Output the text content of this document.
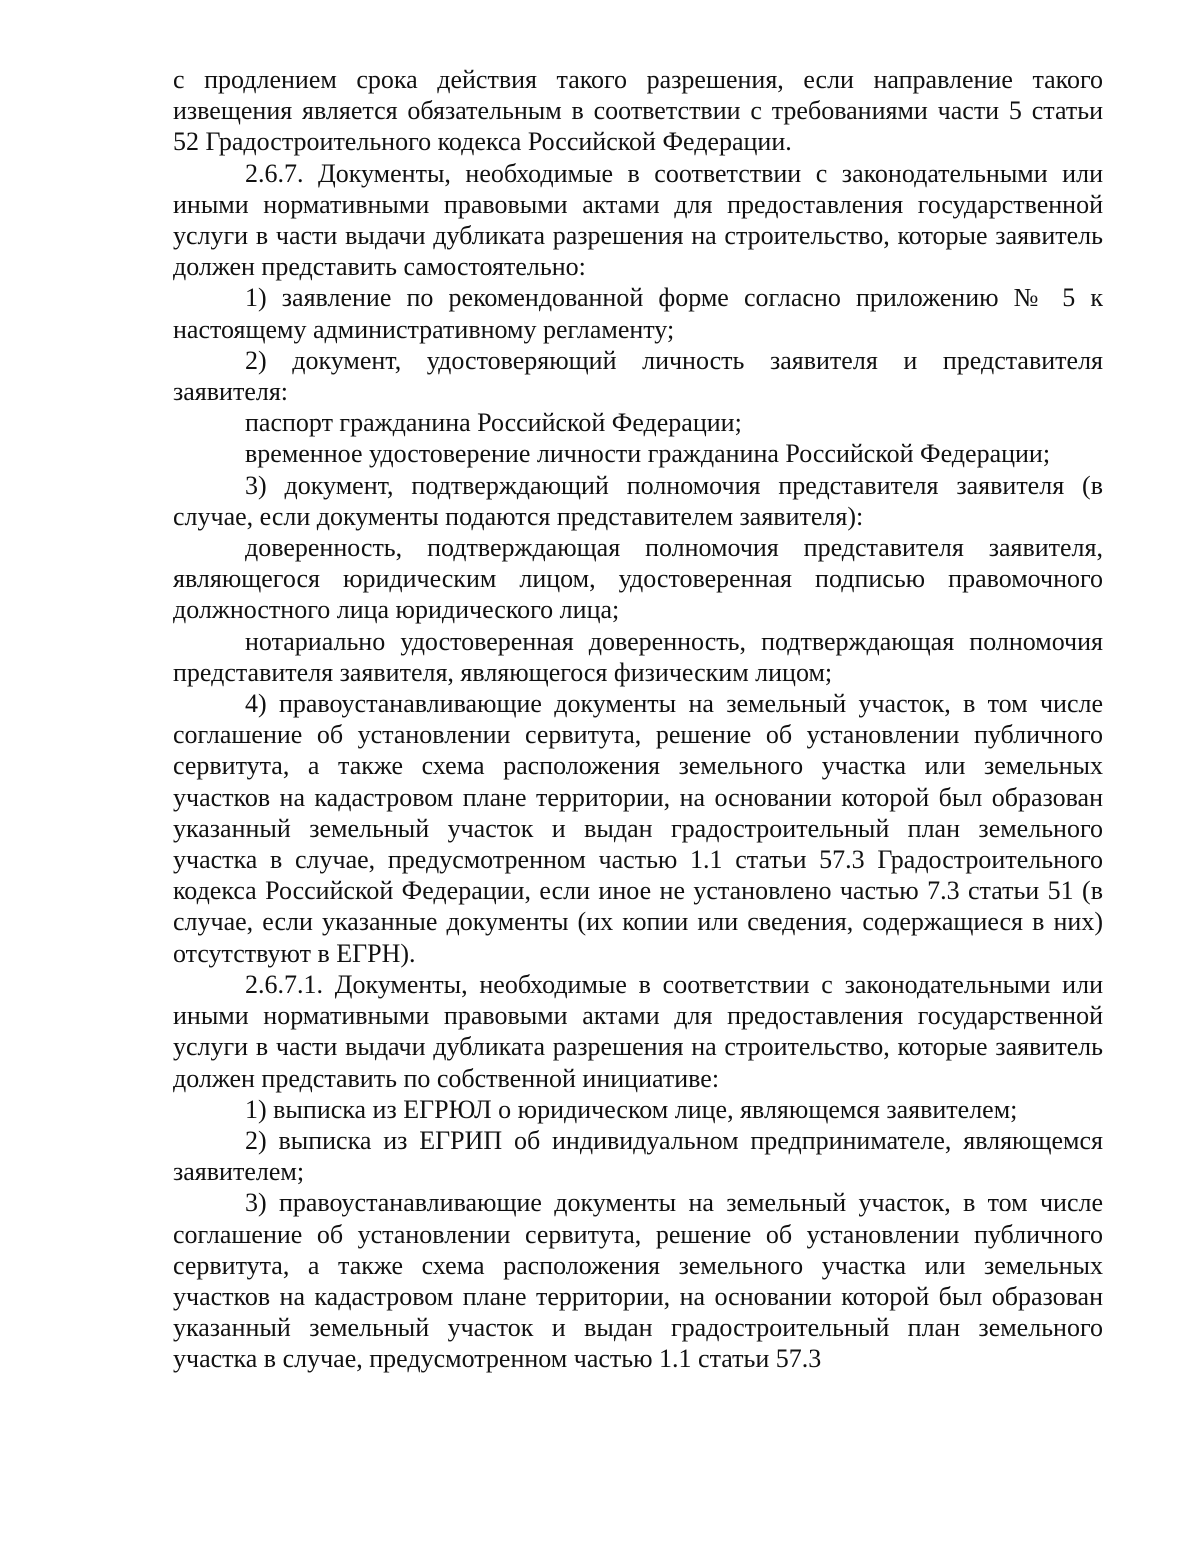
с продлением срока действия такого разрешения, если направление такого извещения является обязательным в соответствии с требованиями части 5 статьи 52 Градостроительного кодекса Российской Федерации.

2.6.7. Документы, необходимые в соответствии с законодательными или иными нормативными правовыми актами для предоставления государственной услуги в части выдачи дубликата разрешения на строительство, которые заявитель должен представить самостоятельно:

1) заявление по рекомендованной форме согласно приложению № 5 к настоящему административному регламенту;

2) документ, удостоверяющий личность заявителя и представителя заявителя:

паспорт гражданина Российской Федерации;

временное удостоверение личности гражданина Российской Федерации;

3) документ, подтверждающий полномочия представителя заявителя (в случае, если документы подаются представителем заявителя):

доверенность, подтверждающая полномочия представителя заявителя, являющегося юридическим лицом, удостоверенная подписью правомочного должностного лица юридического лица;

нотариально удостоверенная доверенность, подтверждающая полномочия представителя заявителя, являющегося физическим лицом;

4) правоустанавливающие документы на земельный участок, в том числе соглашение об установлении сервитута, решение об установлении публичного сервитута, а также схема расположения земельного участка или земельных участков на кадастровом плане территории, на основании которой был образован указанный земельный участок и выдан градостроительный план земельного участка в случае, предусмотренном частью 1.1 статьи 57.3 Градостроительного кодекса Российской Федерации, если иное не установлено частью 7.3 статьи 51 (в случае, если указанные документы (их копии или сведения, содержащиеся в них) отсутствуют в ЕГРН).

2.6.7.1. Документы, необходимые в соответствии с законодательными или иными нормативными правовыми актами для предоставления государственной услуги в части выдачи дубликата разрешения на строительство, которые заявитель должен представить по собственной инициативе:

1) выписка из ЕГРЮЛ о юридическом лице, являющемся заявителем;

2) выписка из ЕГРИП об индивидуальном предпринимателе, являющемся заявителем;

3) правоустанавливающие документы на земельный участок, в том числе соглашение об установлении сервитута, решение об установлении публичного сервитута, а также схема расположения земельного участка или земельных участков на кадастровом плане территории, на основании которой был образован указанный земельный участок и выдан градостроительный план земельного участка в случае, предусмотренном частью 1.1 статьи 57.3
